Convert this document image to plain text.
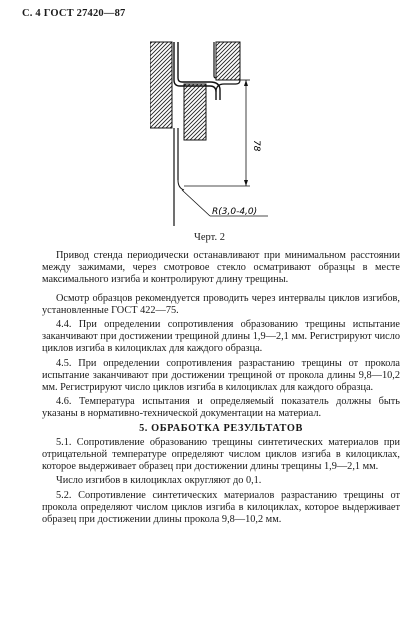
С. 4 ГОСТ 27420—87
78
R(3,0-4,0)
Черт. 2

Привод стенда периодически останавливают при минимальном расстоянии между зажимами, через смотровое стекло осматривают образцы в месте максимального изгиба и контролируют длину трещины.

Осмотр образцов рекомендуется проводить через интервалы циклов изгибов, установленные ГОСТ 422—75.

4.4. При определении сопротивления образованию трещины испытание заканчивают при достижении трещиной длины 1,9—2,1 мм. Регистрируют число циклов изгиба в килоциклах для каждого образца.

4.5. При определении сопротивления разрастанию трещины от прокола испытание заканчивают при достижении трещиной от прокола длины 9,8—10,2 мм. Регистрируют число циклов изгиба в килоциклах для каждого образца.

4.6. Температура испытания и определяемый показатель должны быть указаны в нормативно-технической документации на материал.

5. ОБРАБОТКА РЕЗУЛЬТАТОВ

5.1. Сопротивление образованию трещины синтетических материалов при отрицательной температуре определяют числом циклов изгиба в килоциклах, которое выдерживает образец при достижении длины трещины 1,9—2,1 мм.

Число изгибов в килоциклах округляют до 0,1.

5.2. Сопротивление синтетических материалов разрастанию трещины от прокола определяют числом циклов изгиба в килоциклах, которое выдерживает образец при достижении длины прокола 9,8—10,2 мм.
